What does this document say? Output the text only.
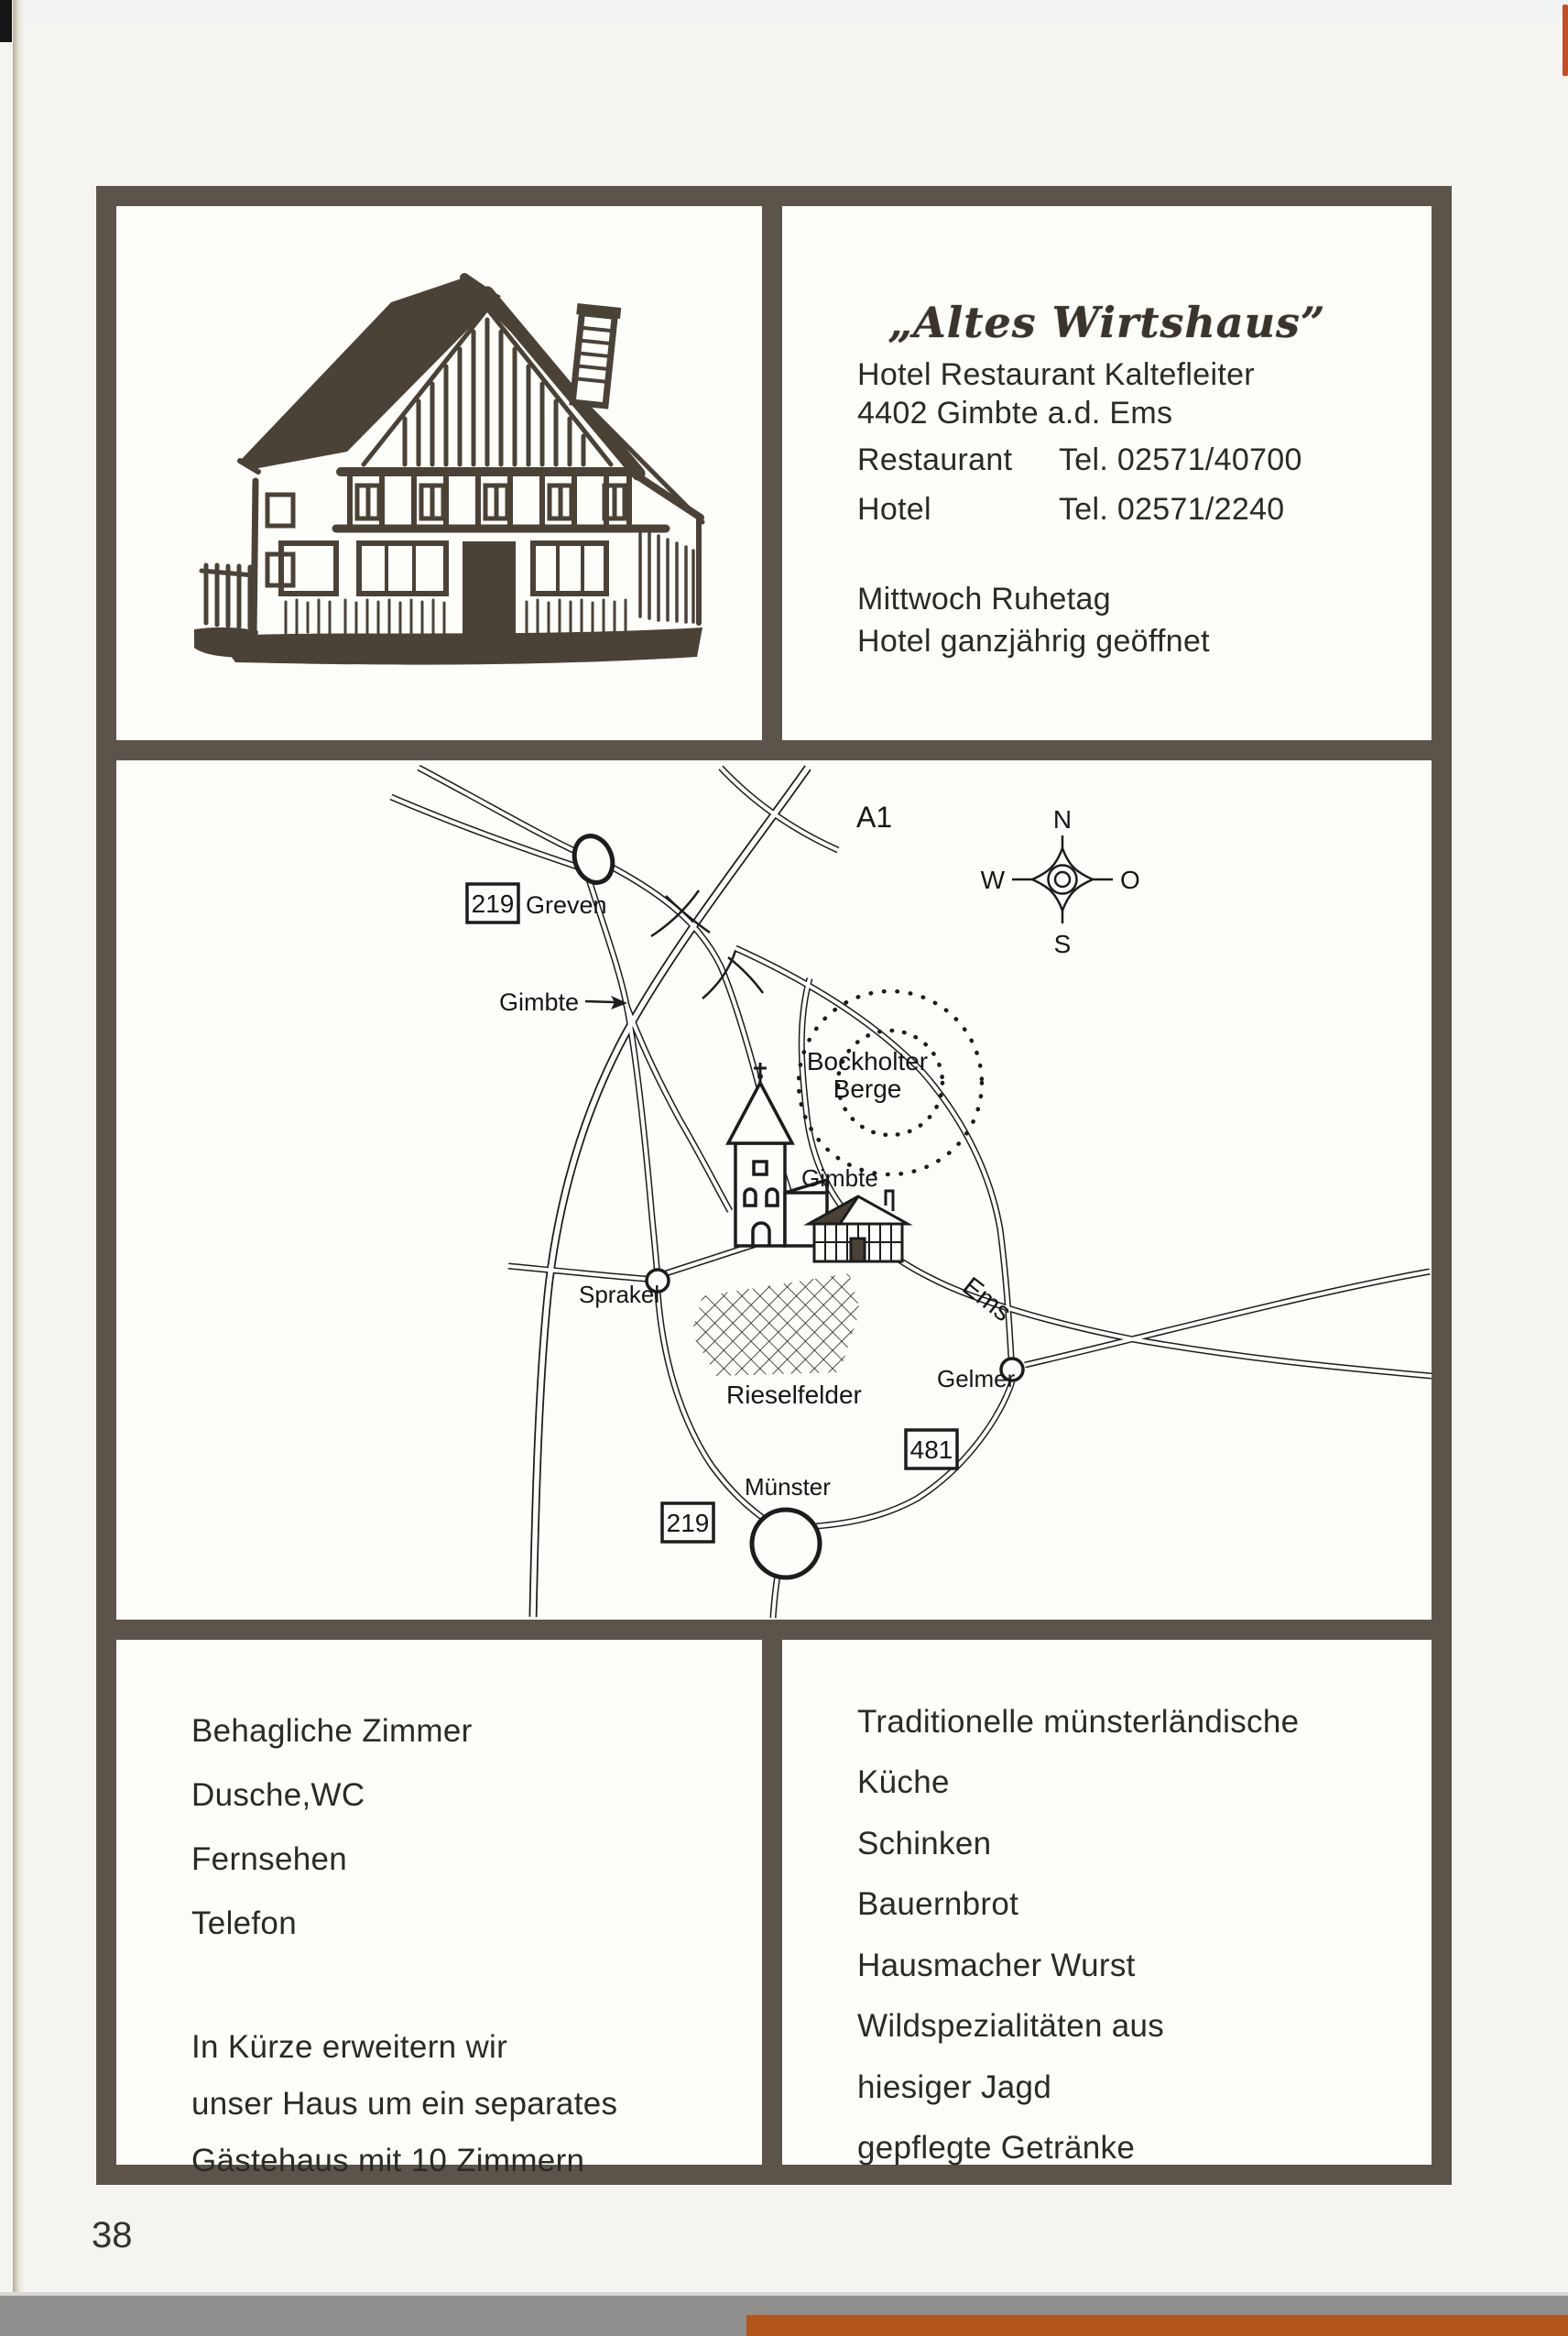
„Altes Wirtshaus”
Hotel Restaurant Kaltefleiter
4402 Gimbte a.d. Ems
Restaurant Tel. 02571/40700
Hotel	Tel. 02571/2240
Mittwoch Ruhetag
Hotel ganzjährig geöffnet
N
S
W	O
219
481
219
A1
Greven
Gimbte
Bockholter
Berge
Gimbte
Sprakel
Rieselfelder
Ems
Gelmer
Münster
Behagliche Zimmer
Dusche,WC
Fernsehen
Telefon
In Kürze erweitern wir
unser Haus um ein separates
Gästehaus mit 10 Zimmern
Traditionelle münsterländische
Küche
Schinken
Bauernbrot
Hausmacher Wurst
Wildspezialitäten aus
hiesiger Jagd
gepflegte Getränke
38
